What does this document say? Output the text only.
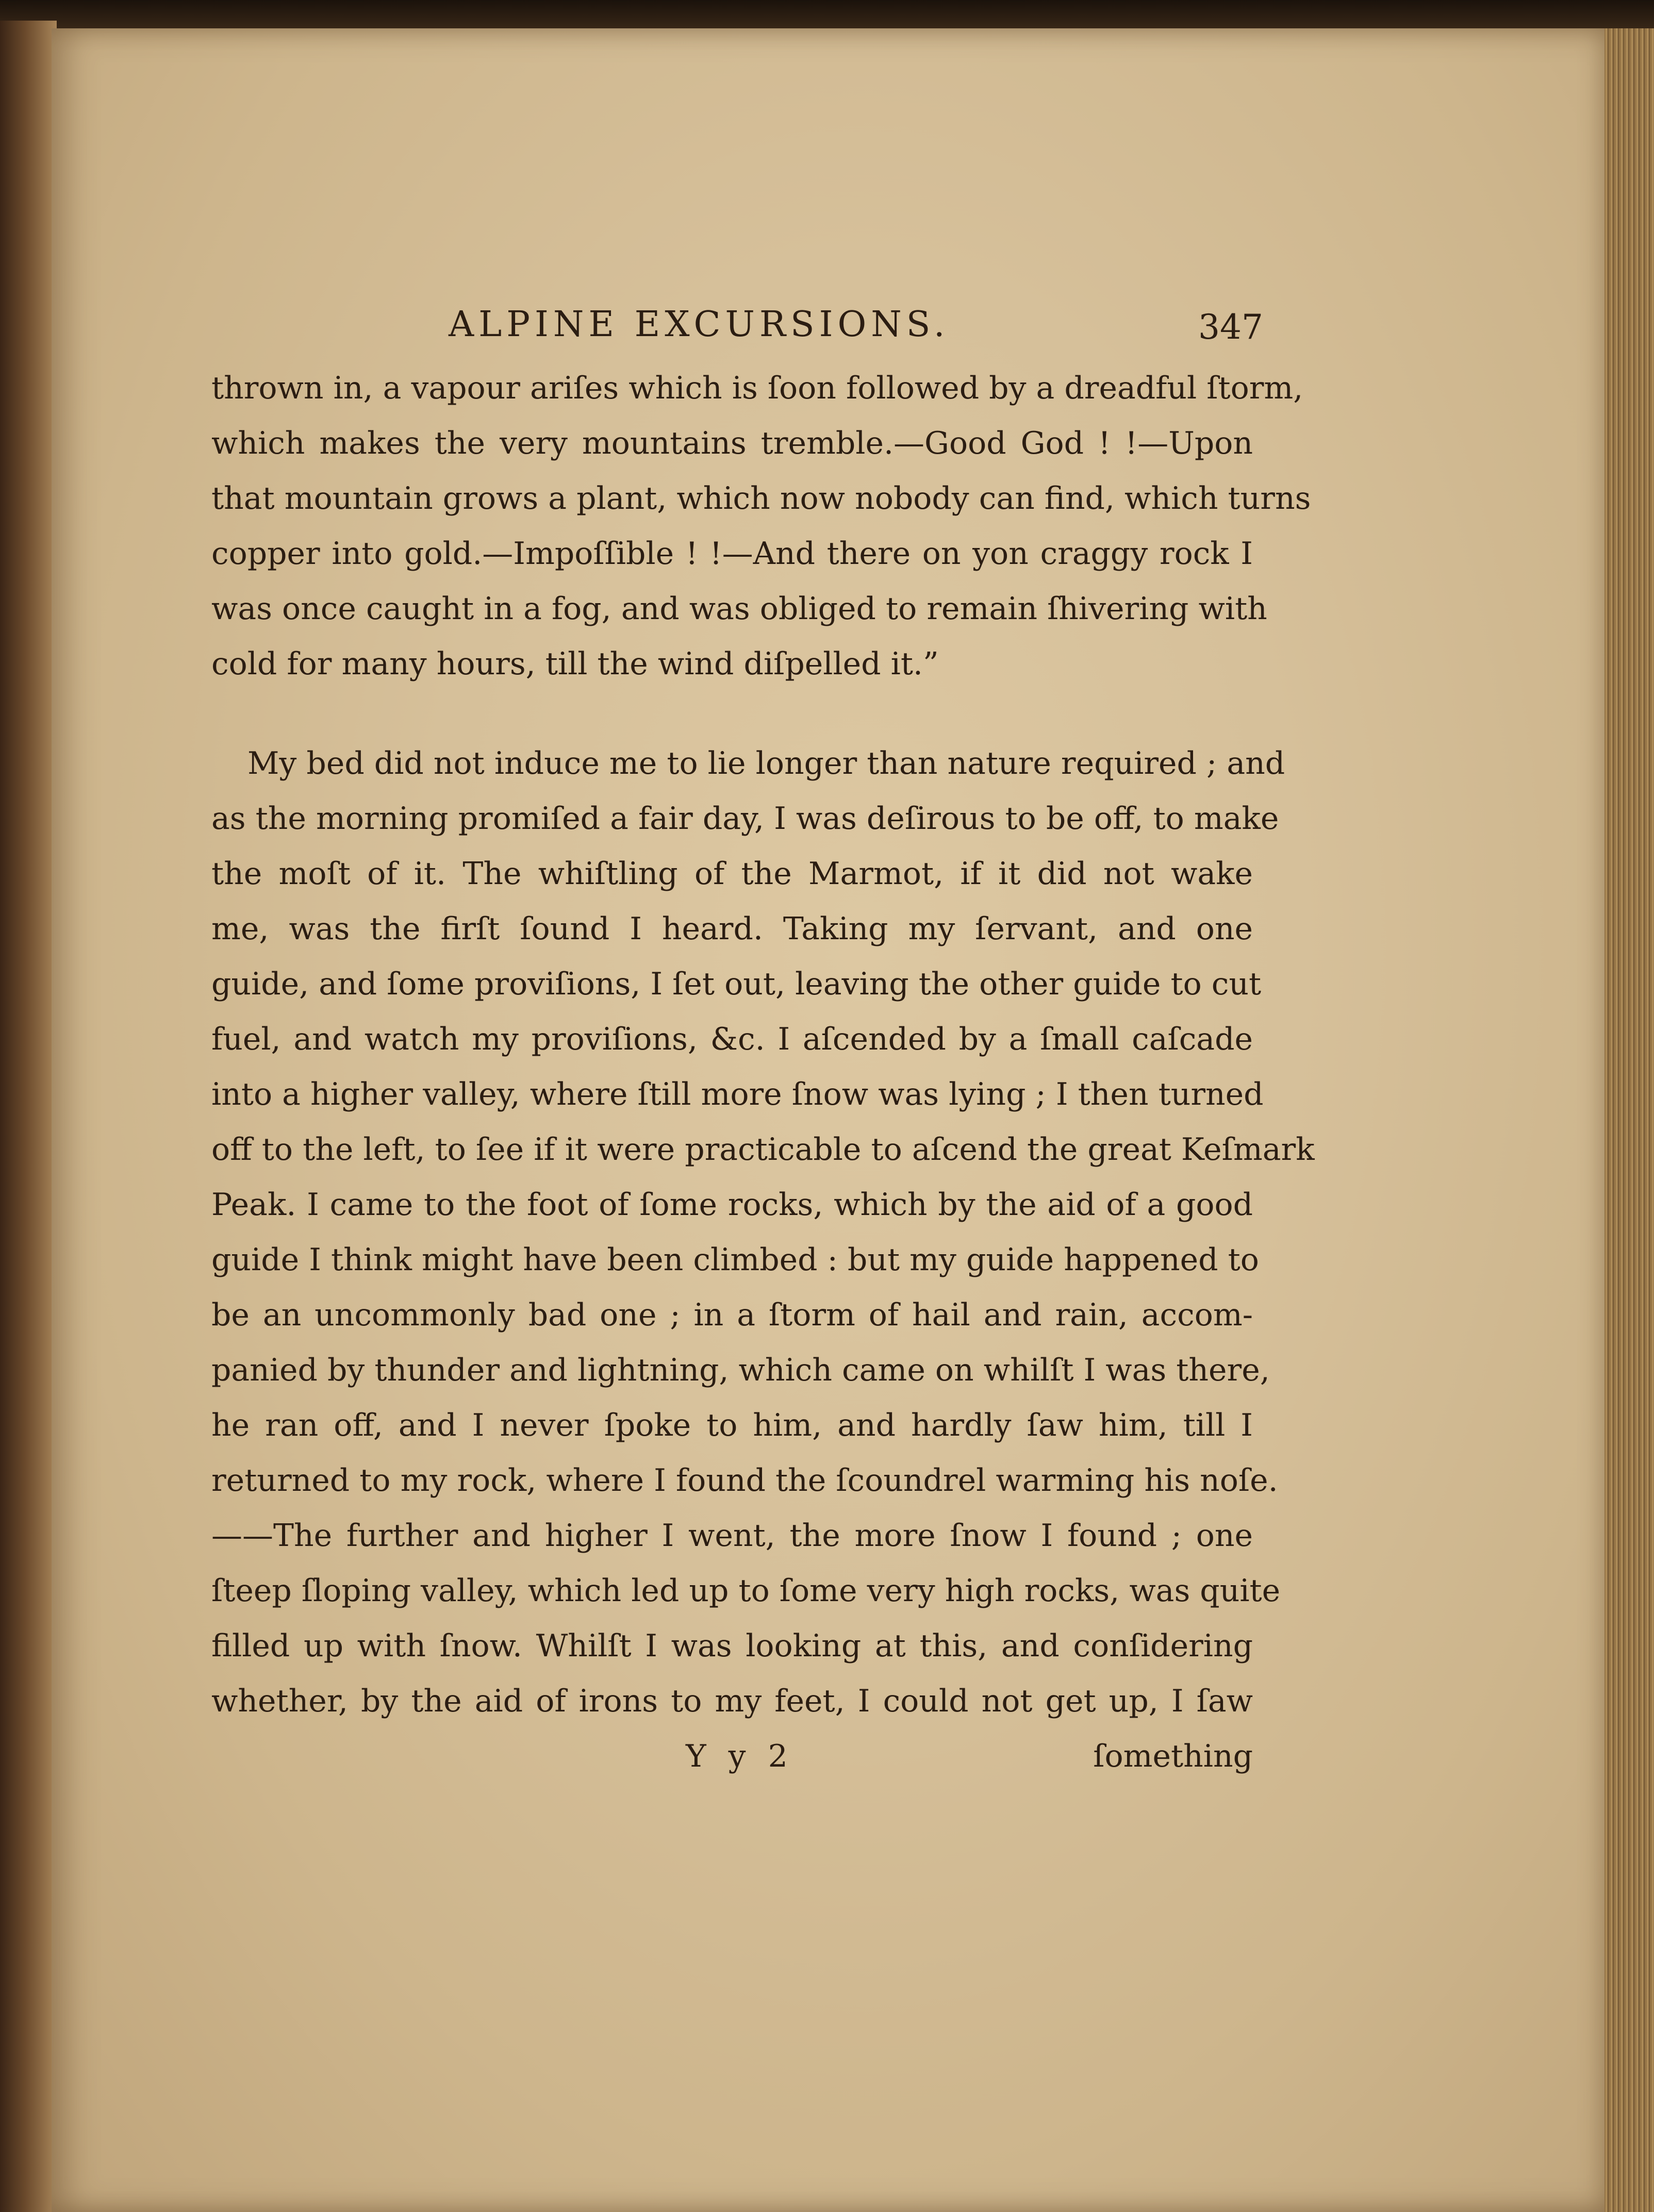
ALPINE EXCURSIONS.	347
thrown in, a vapour ariſes which is ſoon followed by a dreadful ſtorm,
which makes the very mountains tremble.—Good God ! !—Upon
that mountain grows a plant, which now nobody can find, which turns
copper into gold.—Impoſſible ! !—And there on yon craggy rock I
was once caught in a fog, and was obliged to remain ſhivering with
cold for many hours, till the wind diſpelled it.”
My bed did not induce me to lie longer than nature required ; and
as the morning promiſed a fair day, I was deſirous to be off, to make
the moſt of it. The whiſtling of the Marmot, if it did not wake
me, was the firſt ſound I heard. Taking my ſervant, and one
guide, and ſome proviſions, I ſet out, leaving the other guide to cut
fuel, and watch my proviſions, &c. I aſcended by a ſmall caſcade
into a higher valley, where ſtill more ſnow was lying ; I then turned
off to the left, to ſee if it were practicable to aſcend the great Keſmark
Peak. I came to the foot of ſome rocks, which by the aid of a good
guide I think might have been climbed : but my guide happened to
be an uncommonly bad one ; in a ſtorm of hail and rain, accom-
panied by thunder and lightning, which came on whilſt I was there,
he ran off, and I never ſpoke to him, and hardly ſaw him, till I
returned to my rock, where I found the ſcoundrel warming his noſe.
——The further and higher I went, the more ſnow I found ; one
ſteep ſloping valley, which led up to ſome very high rocks, was quite
filled up with ſnow. Whilſt I was looking at this, and conſidering
whether, by the aid of irons to my feet, I could not get up, I ſaw
Y y 2	ſomething
